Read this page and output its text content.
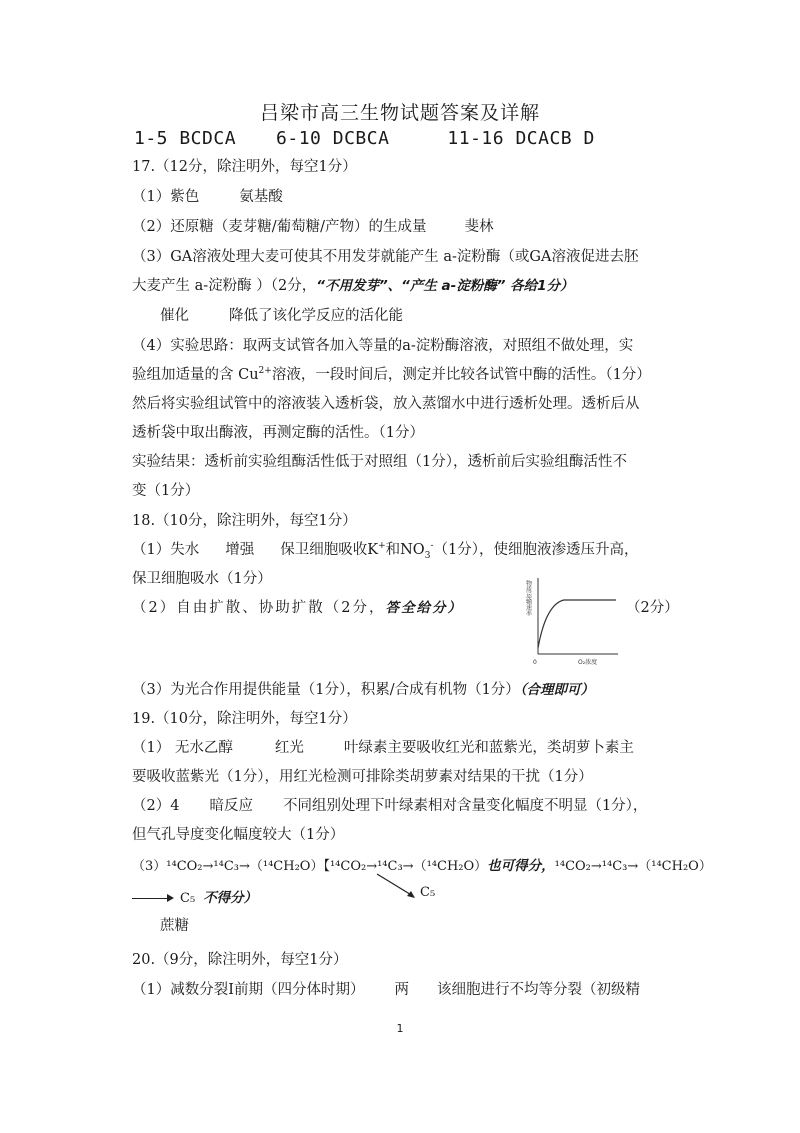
吕梁市高三生物试题答案及详解
1-5 BCDCA 6-10 DCBCA	11-16 DCACB D
17.（12分，除注明外，每空1分）
（1）紫色	氨基酸
（2）还原糖（麦芽糖/葡萄糖/产物）的生成量	斐林
（3）GA溶液处理大麦可使其不用发芽就能产生 a-淀粉酶（或GA溶液促进去胚
大麦产生 a-淀粉酶 ）（2分，“不用发芽”、“产生 a-淀粉酶” 各给1分）
催化	降低了该化学反应的活化能
（4）实验思路：取两支试管各加入等量的a-淀粉酶溶液，对照组不做处理，实
验组加适量的含 $Cu^{2+}$溶液，一段时间后，测定并比较各试管中酶的活性。（1分）
然后将实验组试管中的溶液装入透析袋，放入蒸馏水中进行透析处理。透析后从
透析袋中取出酶液，再测定酶的活性。（1分）
实验结果：透析前实验组酶活性低于对照组（1分），透析前后实验组酶活性不
变（1分）
18.（10分，除注明外，每空1分）
（1）失水 增强 保卫细胞吸收K+和$NO_3^-(1$分），使细胞液渗透压升高，
保卫细胞吸水（1分）
（2）自由扩散、协助扩散（2分，答全给分）	（2分）
物质运输速率
0	O₂浓度
（3）为光合作用提供能量（1分），积累/合成有机物（1分）（合理即可）
19.（10分，除注明外，每空1分）
（1） 无水乙醇	红光	叶绿素主要吸收红光和蓝紫光，类胡萝卜素主
要吸收蓝紫光（1分），用红光检测可排除类胡萝素对结果的干扰（1分）
（2）4 暗反应 不同组别处理下叶绿素相对含量变化幅度不明显（1分），
但气孔导度变化幅度较大（1分）
（3）¹⁴CO₂→¹⁴C₃→（¹⁴CH₂O）【¹⁴CO₂→¹⁴C₃→（¹⁴CH₂O）也可得分，¹⁴CO₂→¹⁴C₃→（¹⁴CH₂O）
C₅
C₅ 不得分）
蔗糖
20.（9分，除注明外，每空1分）
（1）减数分裂Ⅰ前期（四分体时期） 两 该细胞进行不均等分裂（初级精
1
